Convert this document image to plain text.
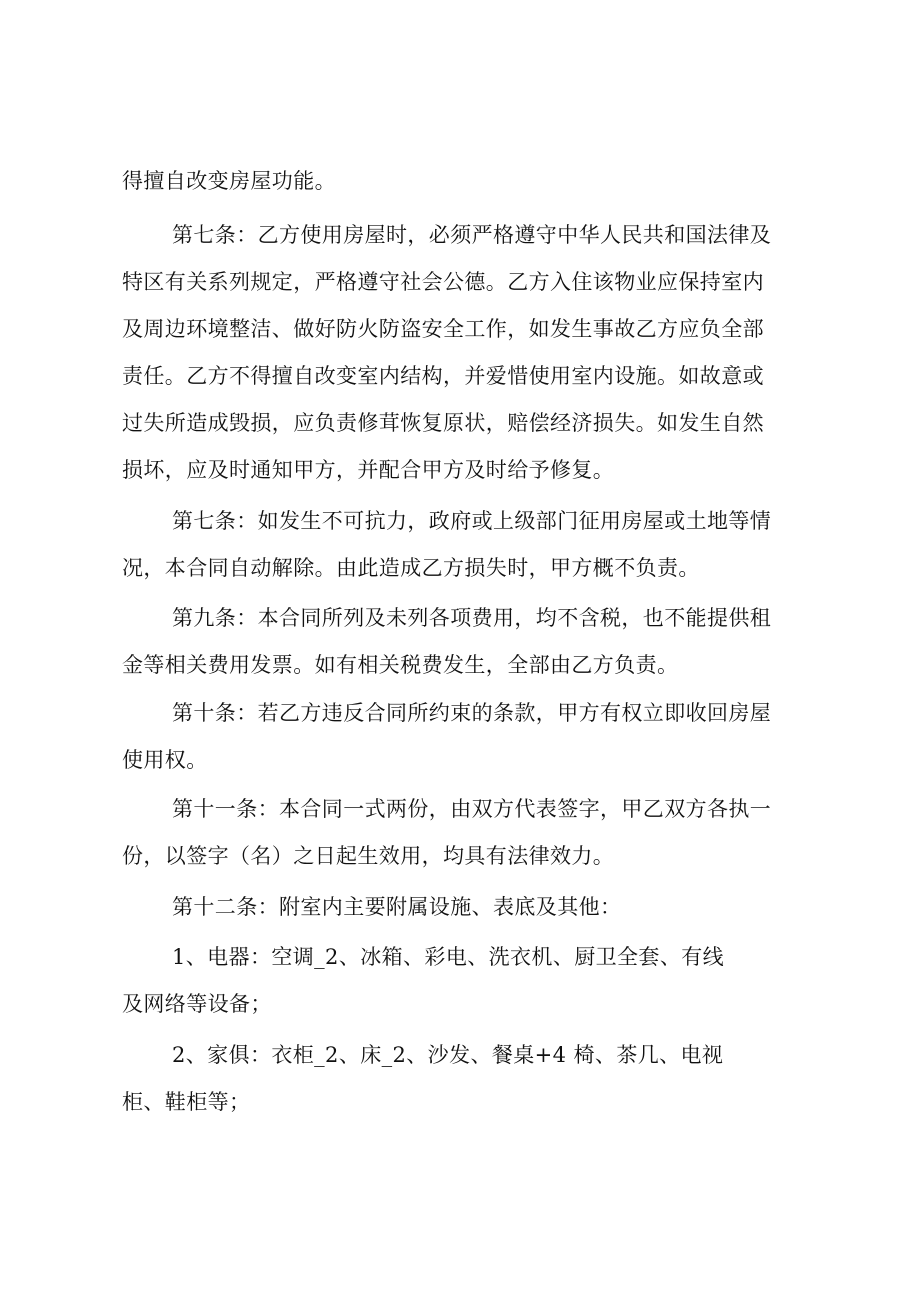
得擅自改变房屋功能。
第七条：乙方使用房屋时，必须严格遵守中华人民共和国法律及
特区有关系列规定，严格遵守社会公德。乙方入住该物业应保持室内
及周边环境整洁、做好防火防盗安全工作，如发生事故乙方应负全部
责任。乙方不得擅自改变室内结构，并爱惜使用室内设施。如故意或
过失所造成毁损，应负责修茸恢复原状，赔偿经济损失。如发生自然
损坏，应及时通知甲方，并配合甲方及时给予修复。
第七条：如发生不可抗力，政府或上级部门征用房屋或土地等情
况，本合同自动解除。由此造成乙方损失时，甲方概不负责。
第九条：本合同所列及未列各项费用，均不含税，也不能提供租
金等相关费用发票。如有相关税费发生，全部由乙方负责。
第十条：若乙方违反合同所约束的条款，甲方有权立即收回房屋
使用权。
第十一条：本合同一式两份，由双方代表签字，甲乙双方各执一
份，以签字（名）之日起生效用，均具有法律效力。
第十二条：附室内主要附属设施、表底及其他：
1、电器：空调_2、冰箱、彩电、洗衣机、厨卫全套、有线
及网络等设备；
2、家俱：衣柜_2、床_2、沙发、餐桌+4 椅、茶几、电视
柜、鞋柜等；
